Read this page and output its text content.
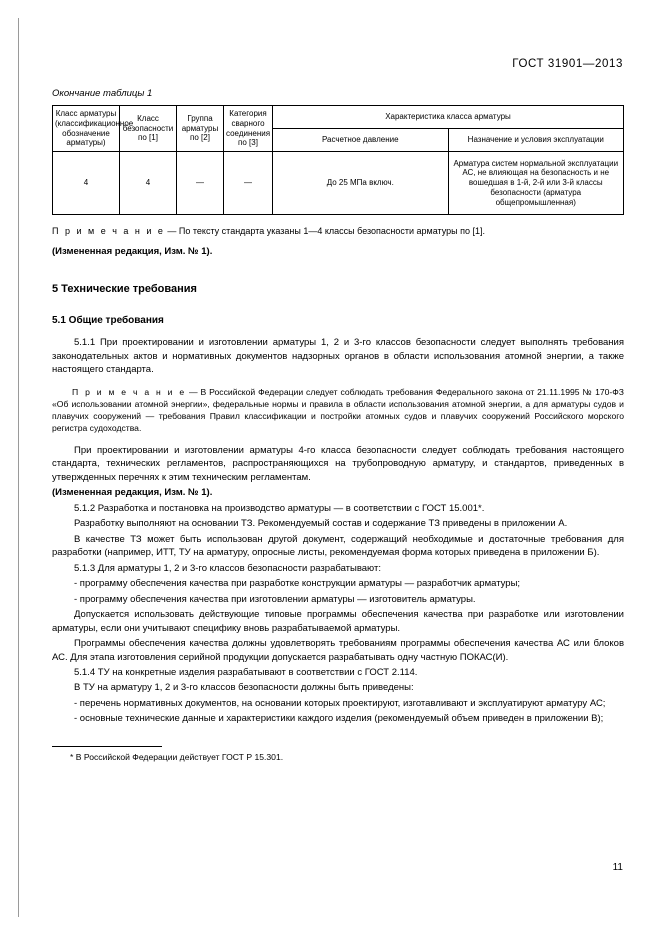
ГОСТ 31901—2013
Окончание таблицы 1
Класс арматуры (классификационное обозначение арматуры)	Класс безопасности по [1]	Группа арматуры по [2]	Категория сварного соединения по [3]	Характеристика класса арматуры	
				Расчетное давление	Назначение и условия эксплуатации
4	4	—	—	До 25 МПа включ.	Арматура систем нормальной эксплуатации АС, не влияющая на безопасность и не вошедшая в 1-й, 2-й или 3-й классы безопасности (арматура общепромышленная)

П р и м е ч а н и е — По тексту стандарта указаны 1—4 классы безопасности арматуры по [1].

(Измененная редакция, Изм. № 1).

5 Технические требования
5.1 Общие требования

5.1.1 При проектировании и изготовлении арматуры 1, 2 и 3-го классов безопасности следует выполнять требования законодательных актов и нормативных документов надзорных органов в области использования атомной энергии, а также настоящего стандарта.

П р и м е ч а н и е — В Российской Федерации следует соблюдать требования Федерального закона от 21.11.1995 № 170-ФЗ «Об использовании атомной энергии», федеральные нормы и правила в области использования атомной энергии, а для арматуры судов и плавучих сооружений — требования Правил классификации и постройки атомных судов и плавучих сооружений Российского морского регистра судоходства.

При проектировании и изготовлении арматуры 4-го класса безопасности следует соблюдать требования настоящего стандарта, технических регламентов, распространяющихся на трубопроводную арматуру, и стандартов, приведенных в утвержденных перечнях к этим техническим регламентам.

(Измененная редакция, Изм. № 1).

5.1.2 Разработка и постановка на производство арматуры — в соответствии с ГОСТ 15.001*.

Разработку выполняют на основании ТЗ. Рекомендуемый состав и содержание ТЗ приведены в приложении А.

В качестве ТЗ может быть использован другой документ, содержащий необходимые и достаточные требования для разработки (например, ИТТ, ТУ на арматуру, опросные листы, рекомендуемая форма которых приведена в приложении Б).

5.1.3 Для арматуры 1, 2 и 3-го классов безопасности разрабатывают:

- программу обеспечения качества при разработке конструкции арматуры — разработчик арматуры;

- программу обеспечения качества при изготовлении арматуры — изготовитель арматуры.

Допускается использовать действующие типовые программы обеспечения качества при разработке или изготовлении арматуры, если они учитывают специфику вновь разрабатываемой арматуры.

Программы обеспечения качества должны удовлетворять требованиям программы обеспечения качества АС или блоков АС. Для этапа изготовления серийной продукции допускается разрабатывать одну частную ПОКАС(И).

5.1.4 ТУ на конкретные изделия разрабатывают в соответствии с ГОСТ 2.114.

В ТУ на арматуру 1, 2 и 3-го классов безопасности должны быть приведены:

- перечень нормативных документов, на основании которых проектируют, изготавливают и эксплуатируют арматуру АС;

- основные технические данные и характеристики каждого изделия (рекомендуемый объем приведен в приложении В);

* В Российской Федерации действует ГОСТ Р 15.301.

11
